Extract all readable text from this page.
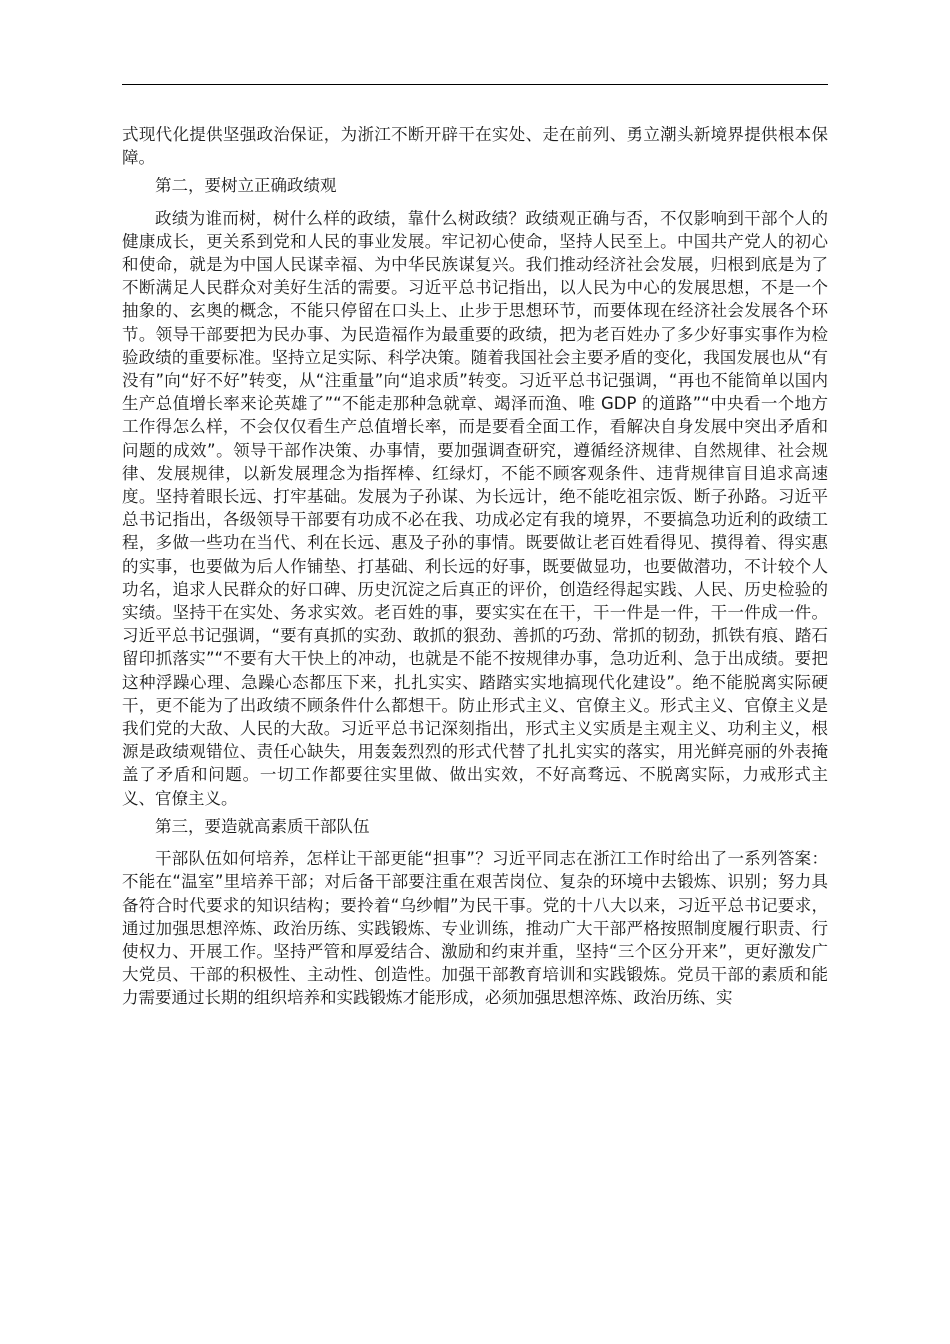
式现代化提供坚强政治保证，为浙江不断开辟干在实处、走在前列、勇立潮头新境界提供根本保障。

第二，要树立正确政绩观

政绩为谁而树，树什么样的政绩，靠什么树政绩？政绩观正确与否，不仅影响到干部个人的健康成长，更关系到党和人民的事业发展。牢记初心使命，坚持人民至上。中国共产党人的初心和使命，就是为中国人民谋幸福、为中华民族谋复兴。我们推动经济社会发展，归根到底是为了不断满足人民群众对美好生活的需要。习近平总书记指出，以人民为中心的发展思想，不是一个抽象的、玄奥的概念，不能只停留在口头上、止步于思想环节，而要体现在经济社会发展各个环节。领导干部要把为民办事、为民造福作为最重要的政绩，把为老百姓办了多少好事实事作为检验政绩的重要标准。坚持立足实际、科学决策。随着我国社会主要矛盾的变化，我国发展也从“有没有”向“好不好”转变，从“注重量”向“追求质”转变。习近平总书记强调，“再也不能简单以国内生产总值增长率来论英雄了”“不能走那种急就章、竭泽而渔、唯 GDP 的道路”“中央看一个地方工作得怎么样，不会仅仅看生产总值增长率，而是要看全面工作，看解决自身发展中突出矛盾和问题的成效”。领导干部作决策、办事情，要加强调查研究，遵循经济规律、自然规律、社会规律、发展规律，以新发展理念为指挥棒、红绿灯，不能不顾客观条件、违背规律盲目追求高速度。坚持着眼长远、打牢基础。发展为子孙谋、为长远计，绝不能吃祖宗饭、断子孙路。习近平总书记指出，各级领导干部要有功成不必在我、功成必定有我的境界，不要搞急功近利的政绩工程，多做一些功在当代、利在长远、惠及子孙的事情。既要做让老百姓看得见、摸得着、得实惠的实事，也要做为后人作铺垫、打基础、利长远的好事，既要做显功，也要做潜功，不计较个人功名，追求人民群众的好口碑、历史沉淀之后真正的评价，创造经得起实践、人民、历史检验的实绩。坚持干在实处、务求实效。老百姓的事，要实实在在干，干一件是一件，干一件成一件。习近平总书记强调，“要有真抓的实劲、敢抓的狠劲、善抓的巧劲、常抓的韧劲，抓铁有痕、踏石留印抓落实”“不要有大干快上的冲动，也就是不能不按规律办事，急功近利、急于出成绩。要把这种浮躁心理、急躁心态都压下来，扎扎实实、踏踏实实地搞现代化建设”。绝不能脱离实际硬干，更不能为了出政绩不顾条件什么都想干。防止形式主义、官僚主义。形式主义、官僚主义是我们党的大敌、人民的大敌。习近平总书记深刻指出，形式主义实质是主观主义、功利主义，根源是政绩观错位、责任心缺失，用轰轰烈烈的形式代替了扎扎实实的落实，用光鲜亮丽的外表掩盖了矛盾和问题。一切工作都要往实里做、做出实效，不好高骛远、不脱离实际，力戒形式主义、官僚主义。

第三，要造就高素质干部队伍

干部队伍如何培养，怎样让干部更能“担事”？习近平同志在浙江工作时给出了一系列答案：不能在“温室”里培养干部；对后备干部要注重在艰苦岗位、复杂的环境中去锻炼、识别；努力具备符合时代要求的知识结构；要拎着“乌纱帽”为民干事。党的十八大以来，习近平总书记要求，通过加强思想淬炼、政治历练、实践锻炼、专业训练，推动广大干部严格按照制度履行职责、行使权力、开展工作。坚持严管和厚爱结合、激励和约束并重，坚持“三个区分开来”，更好激发广大党员、干部的积极性、主动性、创造性。加强干部教育培训和实践锻炼。党员干部的素质和能力需要通过长期的组织培养和实践锻炼才能形成，必须加强思想淬炼、政治历练、实
